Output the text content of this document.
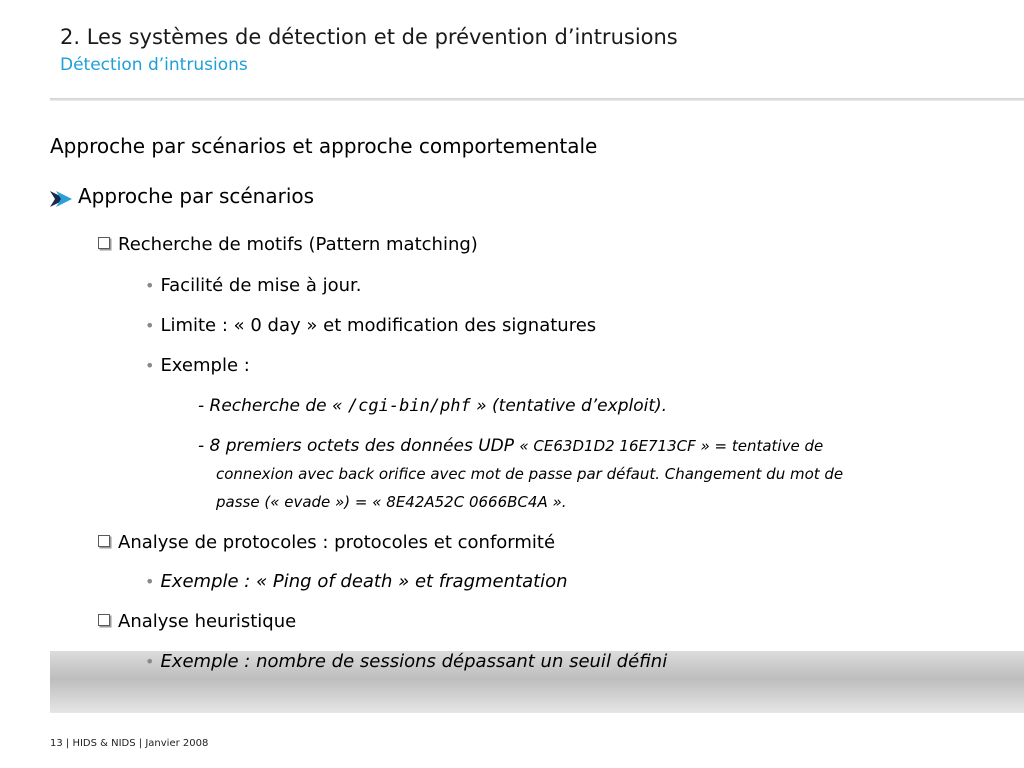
2. Les systèmes de détection et de prévention d’intrusions
Détection d’intrusions
Approche par scénarios et approche comportementale
Approche par scénarios
Recherche de motifs (Pattern matching)
• Facilité de mise à jour.
• Limite : « 0 day » et modification des signatures
• Exemple :
- Recherche de « /cgi-bin/phf » (tentative d’exploit).
- 8 premiers octets des données UDP « CE63D1D2 16E713CF » = tentative de
connexion avec back orifice avec mot de passe par défaut. Changement du mot de
passe (« evade ») = « 8E42A52C 0666BC4A ».
Analyse de protocoles : protocoles et conformité
• Exemple : « Ping of death » et fragmentation
Analyse heuristique
• Exemple : nombre de sessions dépassant un seuil défini
13 | HIDS & NIDS | Janvier 2008
